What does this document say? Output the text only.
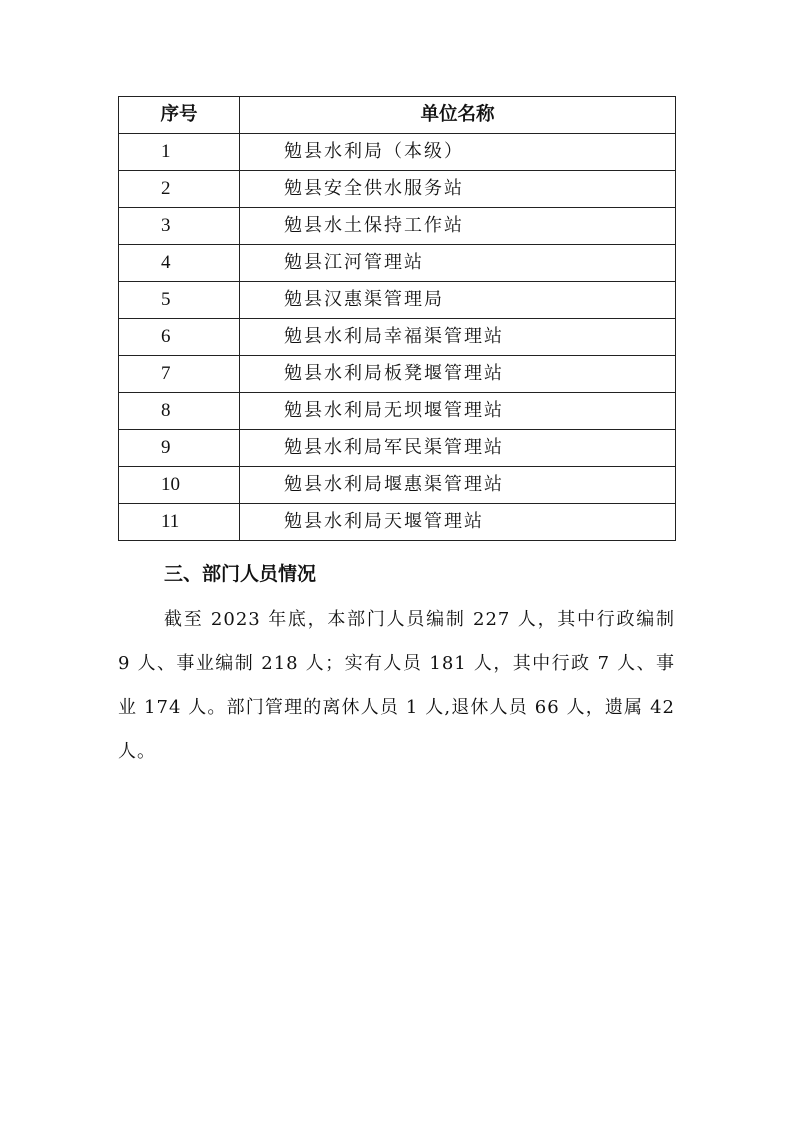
序号	单位名称
1	勉县水利局（本级）
2	勉县安全供水服务站
3	勉县水土保持工作站
4	勉县江河管理站
5	勉县汉惠渠管理局
6	勉县水利局幸福渠管理站
7	勉县水利局板凳堰管理站
8	勉县水利局无坝堰管理站
9	勉县水利局军民渠管理站
10	勉县水利局堰惠渠管理站
11	勉县水利局天堰管理站
三、部门人员情况

截至 2023 年底，本部门人员编制 227 人，其中行政编制 9 人、事业编制 218 人；实有人员 181 人，其中行政 7 人、事业 174 人。部门管理的离休人员 1 人,退休人员 66 人，遗属 42 人。
